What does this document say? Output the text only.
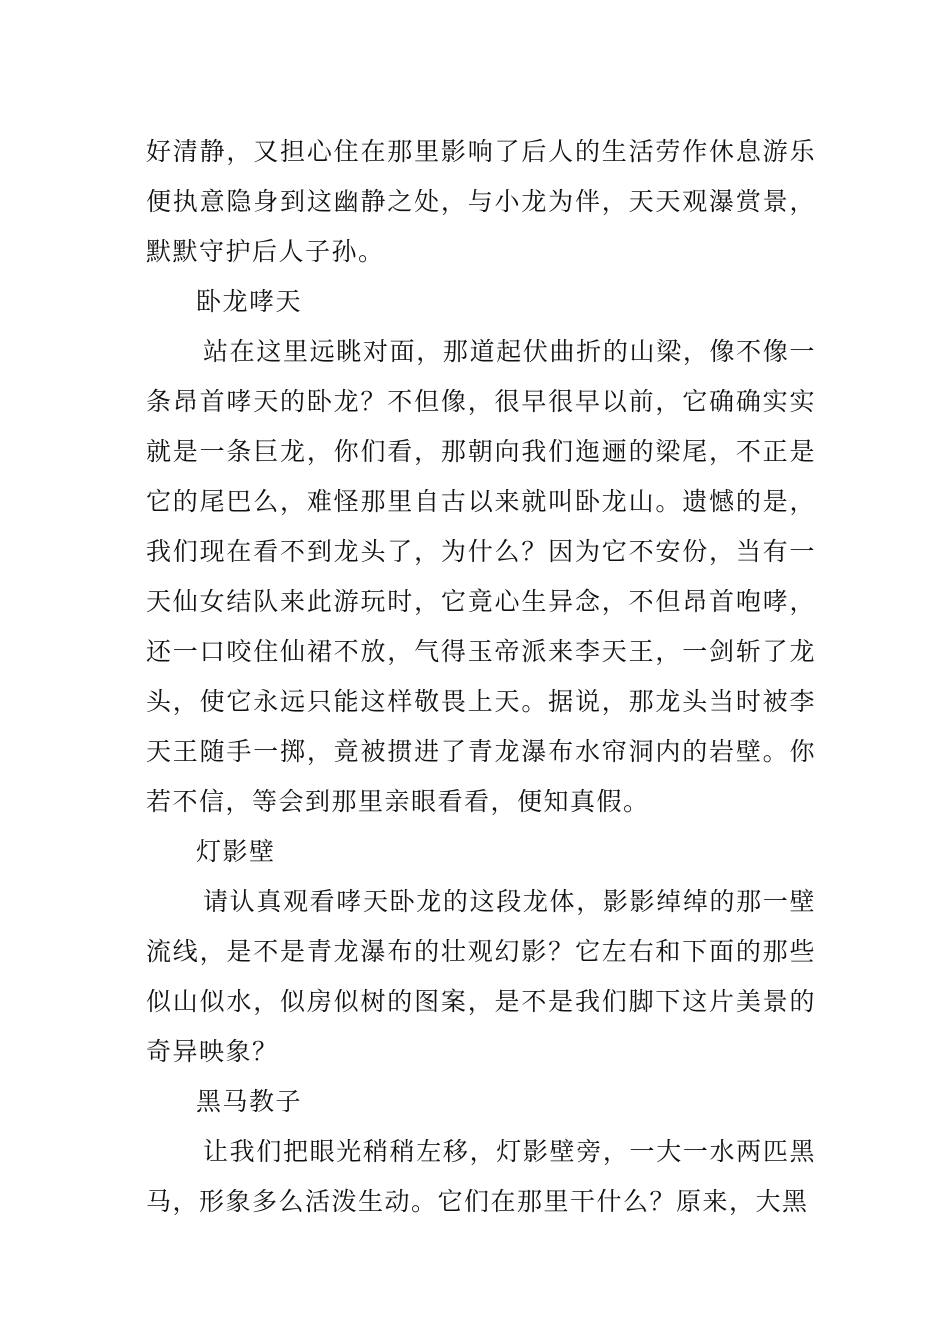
好清静，又担心住在那里影响了后人的生活劳作休息游乐便执意隐身到这幽静之处，与小龙为伴，天天观瀑赏景，默默守护后人子孙。

卧龙哮天

站在这里远眺对面，那道起伏曲折的山梁，像不像一条昂首哮天的卧龙？不但像，很早很早以前，它确确实实就是一条巨龙，你们看，那朝向我们迤逦的梁尾，不正是它的尾巴么，难怪那里自古以来就叫卧龙山。遗憾的是，我们现在看不到龙头了，为什么？因为它不安份，当有一天仙女结队来此游玩时，它竟心生异念，不但昂首咆哮，还一口咬住仙裙不放，气得玉帝派来李天王，一剑斩了龙头，使它永远只能这样敬畏上天。据说，那龙头当时被李天王随手一掷，竟被掼进了青龙瀑布水帘洞内的岩壁。你若不信，等会到那里亲眼看看，便知真假。

灯影壁

请认真观看哮天卧龙的这段龙体，影影绰绰的那一壁流线，是不是青龙瀑布的壮观幻影？它左右和下面的那些似山似水，似房似树的图案，是不是我们脚下这片美景的奇异映象？

黑马教子

让我们把眼光稍稍左移，灯影壁旁，一大一水两匹黑马，形象多么活泼生动。它们在那里干什么？原来，大黑
